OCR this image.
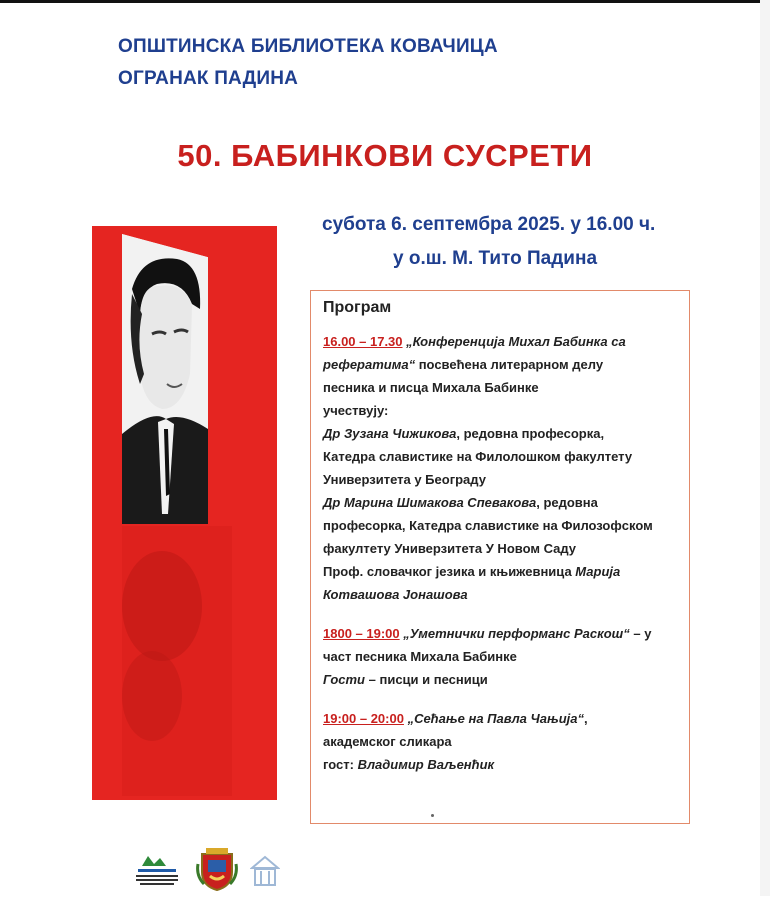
ОПШТИНСКА БИБЛИОТЕКА КОВАЧИЦА
ОГРАНАК ПАДИНА
50. БАБИНКОВИ СУСРЕТИ
субота 6. септембра 2025. у 16.00 ч.
у о.ш. М. Тито Падина
Програм
16.00 – 17.30 „Конференција Михал Бабинка са
рефератима“ посвећена литерарном делу
песника и писца Михала Бабинке
учествују:
Др Зузана Чижикова, редовна професорка,
Катедра славистике на Филолошком факултету
Универзитета у Београду
Др Марина Шимакова Спевакова, редовна
професорка, Катедра славистике на Филозофском
факултету Универзитета У Новом Саду
Проф. словачког језика и књижевница Марија
Котвашова Јонашова
1800 – 19:00 „Уметнички перформанс Раскош“ – у
част песника Михала Бабинке
Гости – писци и песници
19:00 – 20:00 „Сећање на Павла Чањија“,
академског сликара
гост: Владимир Ваљенћик
